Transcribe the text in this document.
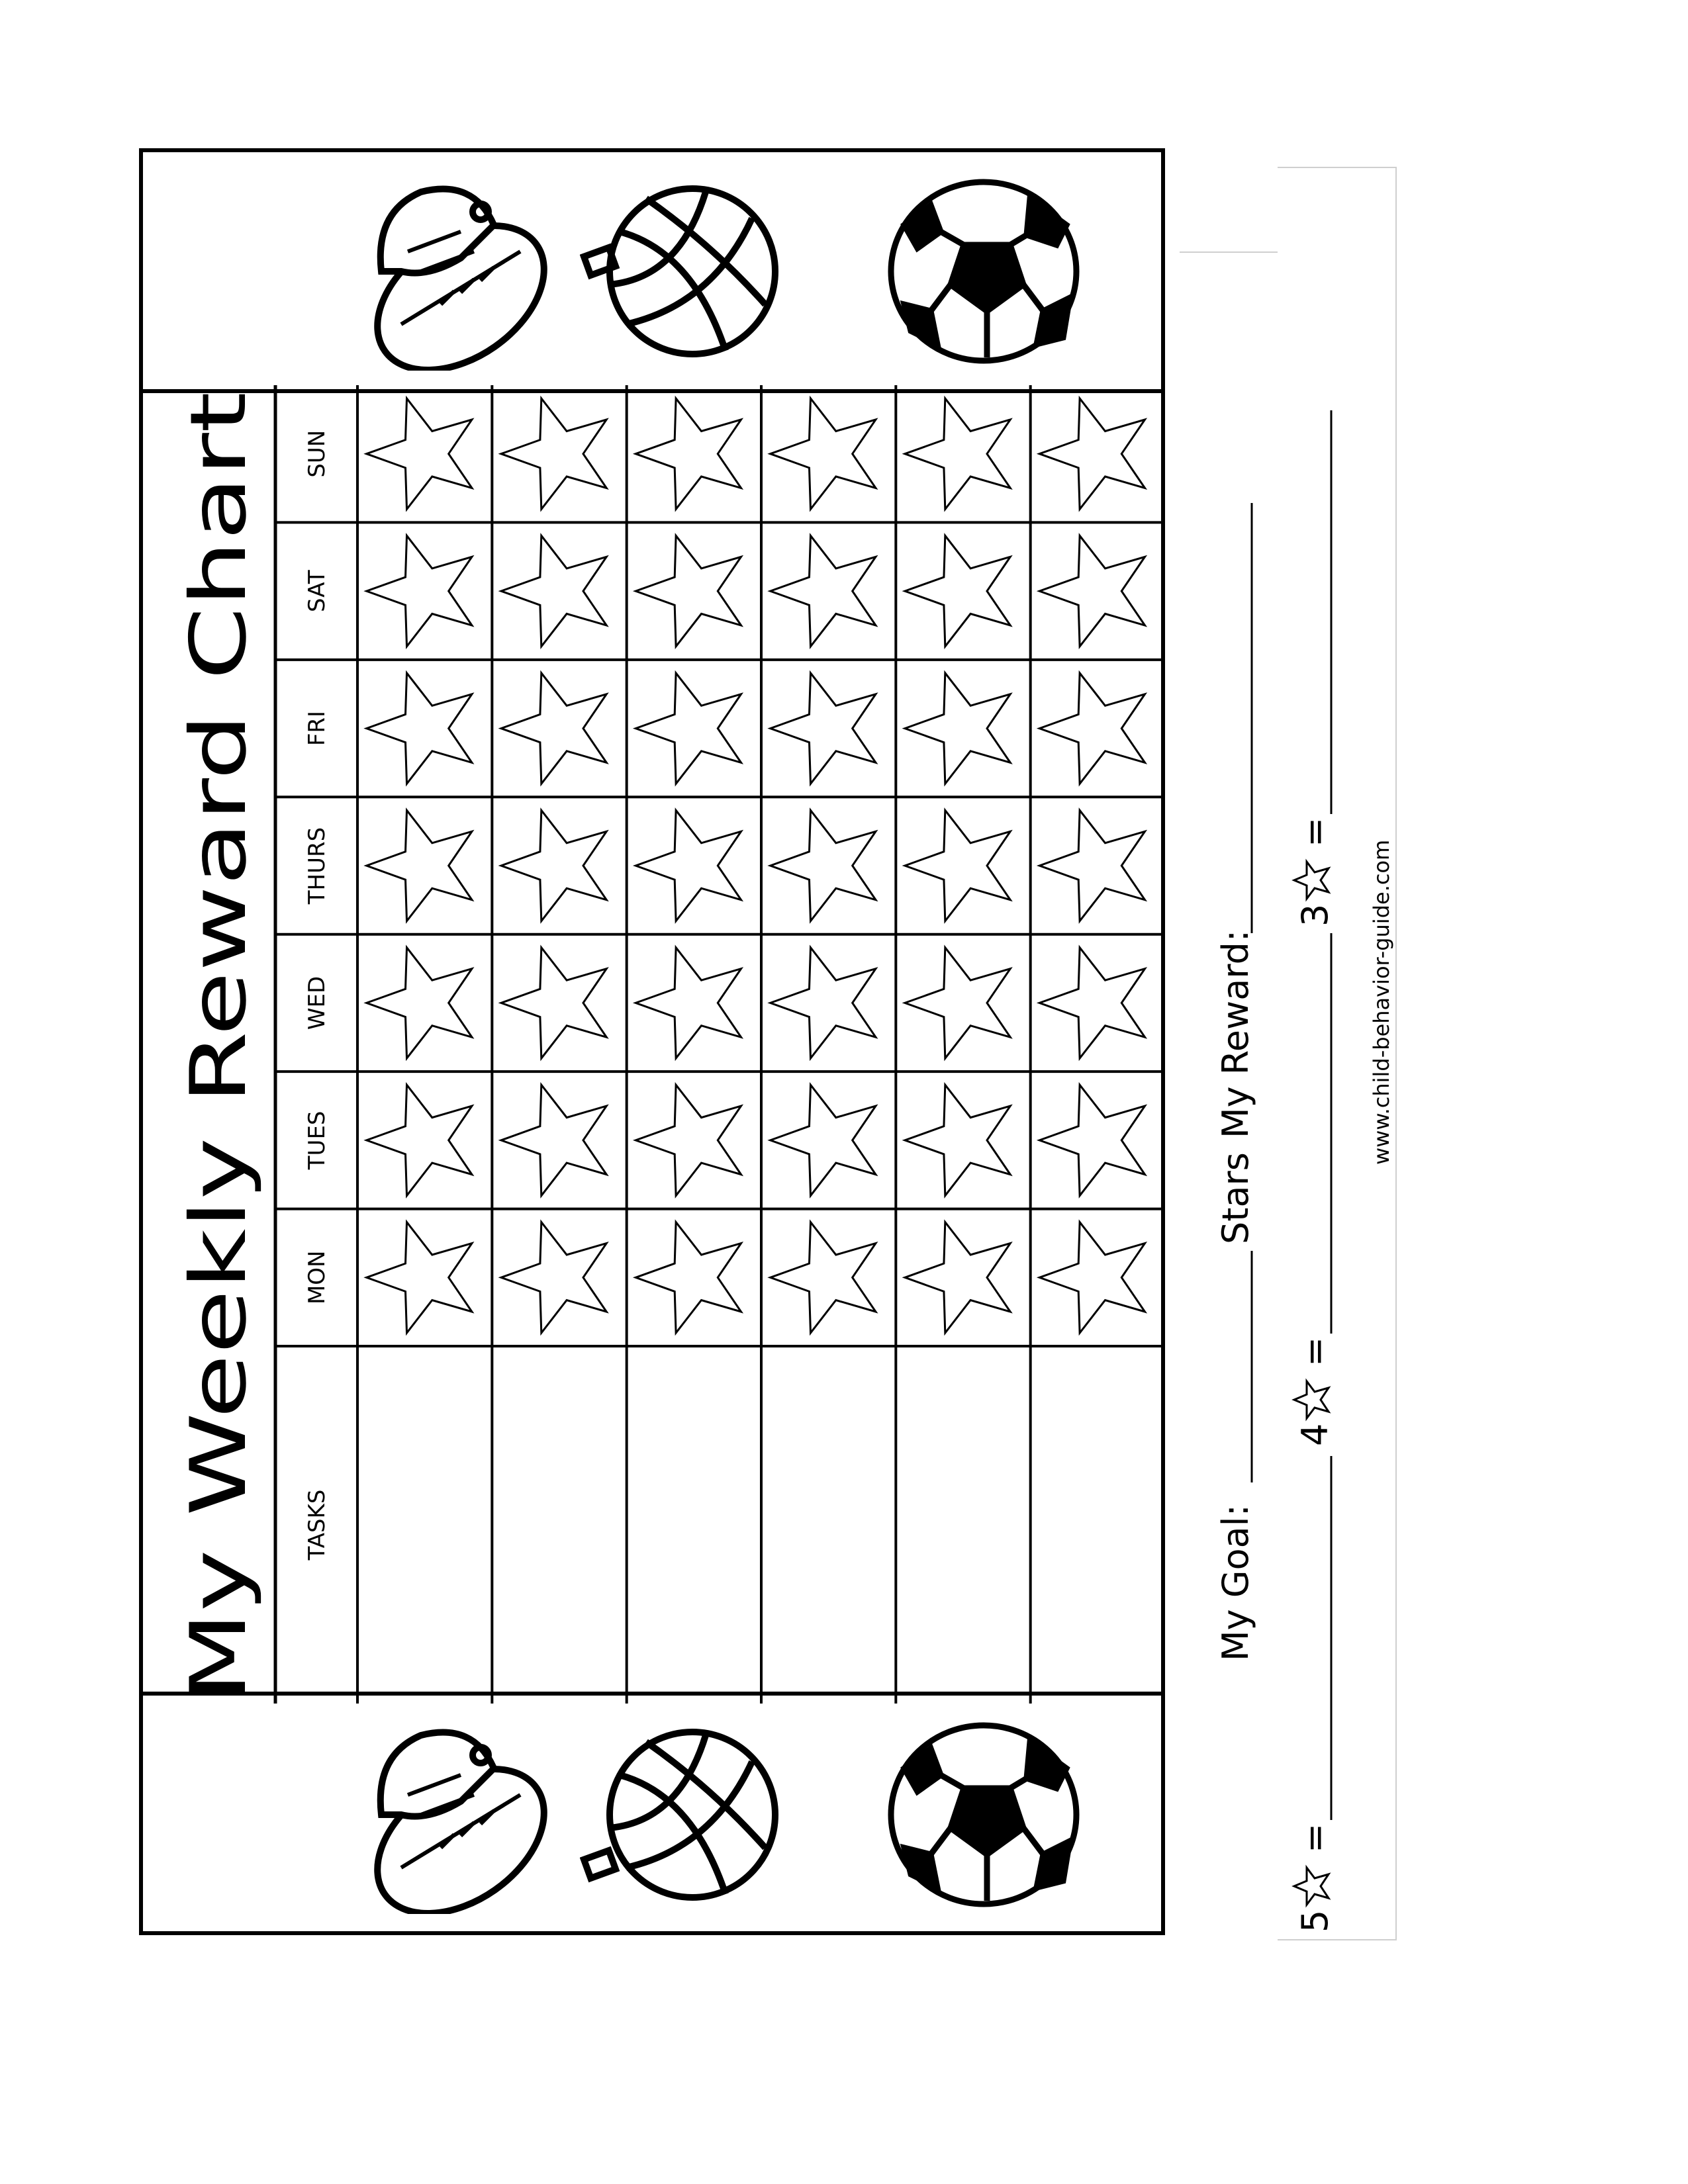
My Weekly Reward Chart MON
TUES
WED
THURS
FRI
SAT
SUN
TASKS	My Goal:
Stars
My Reward:
5
=
4
=
3
=
www.child-behavior-guide.com
